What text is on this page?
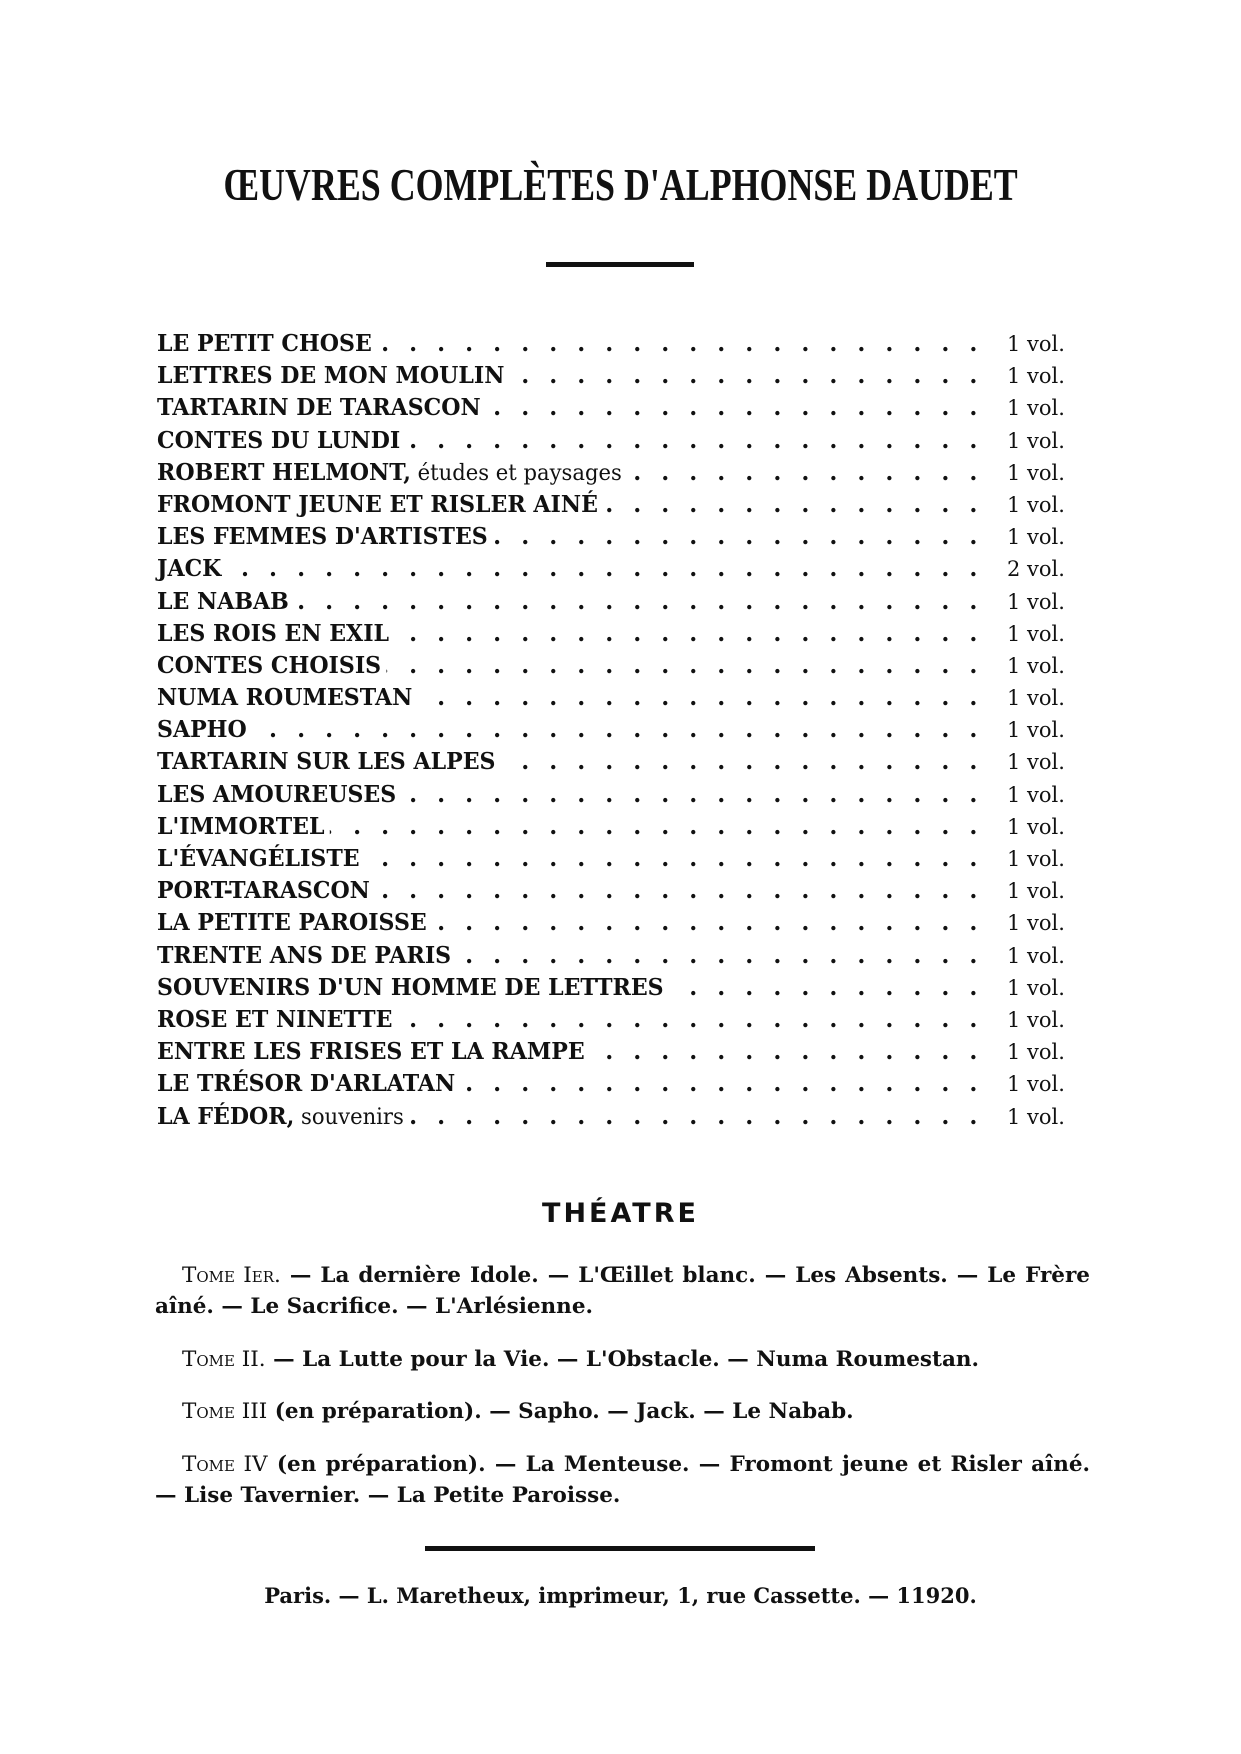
ŒUVRES COMPLÈTES D'ALPHONSE DAUDET
. . .
LE PETIT CHOSE	1 vol.
. . .
LETTRES DE MON MOULIN	1 vol.
. . .
TARTARIN DE TARASCON	1 vol.
. . .
CONTES DU LUNDI	1 vol.
. . .
ROBERT HELMONT, études et paysages	1 vol.
. . .
FROMONT JEUNE ET RISLER AINÉ	1 vol.
. . .
LES FEMMES D'ARTISTES	1 vol.
. . .
JACK	2 vol.
. . .
LE NABAB	1 vol.
. . .
LES ROIS EN EXIL	1 vol.
. . .
CONTES CHOISIS	1 vol.
. . .
NUMA ROUMESTAN	1 vol.
. . .
SAPHO	1 vol.
. . .
TARTARIN SUR LES ALPES	1 vol.
. . .
LES AMOUREUSES	1 vol.
. . .
L'IMMORTEL	1 vol.
. . .
L'ÉVANGÉLISTE	1 vol.
. . .
PORT-TARASCON	1 vol.
. . .
LA PETITE PAROISSE	1 vol.
. . .
TRENTE ANS DE PARIS	1 vol.
. . .
SOUVENIRS D'UN HOMME DE LETTRES	1 vol.
. . .
ROSE ET NINETTE	1 vol.
. . .
ENTRE LES FRISES ET LA RAMPE	1 vol.
. . .
LE TRÉSOR D'ARLATAN	1 vol.
. . .
LA FÉDOR, souvenirs	1 vol.
THÉATRE

Tome Ier. — La dernière Idole. — L'Œillet blanc. — Les Absents. — Le Frère aîné. — Le Sacrifice. — L'Arlésienne.

Tome II. — La Lutte pour la Vie. — L'Obstacle. — Numa Roumestan.

Tome III (en préparation). — Sapho. — Jack. — Le Nabab.

Tome IV (en préparation). — La Menteuse. — Fromont jeune et Risler aîné. — Lise Tavernier. — La Petite Paroisse.

Paris. — L. Maretheux, imprimeur, 1, rue Cassette. — 11920.
